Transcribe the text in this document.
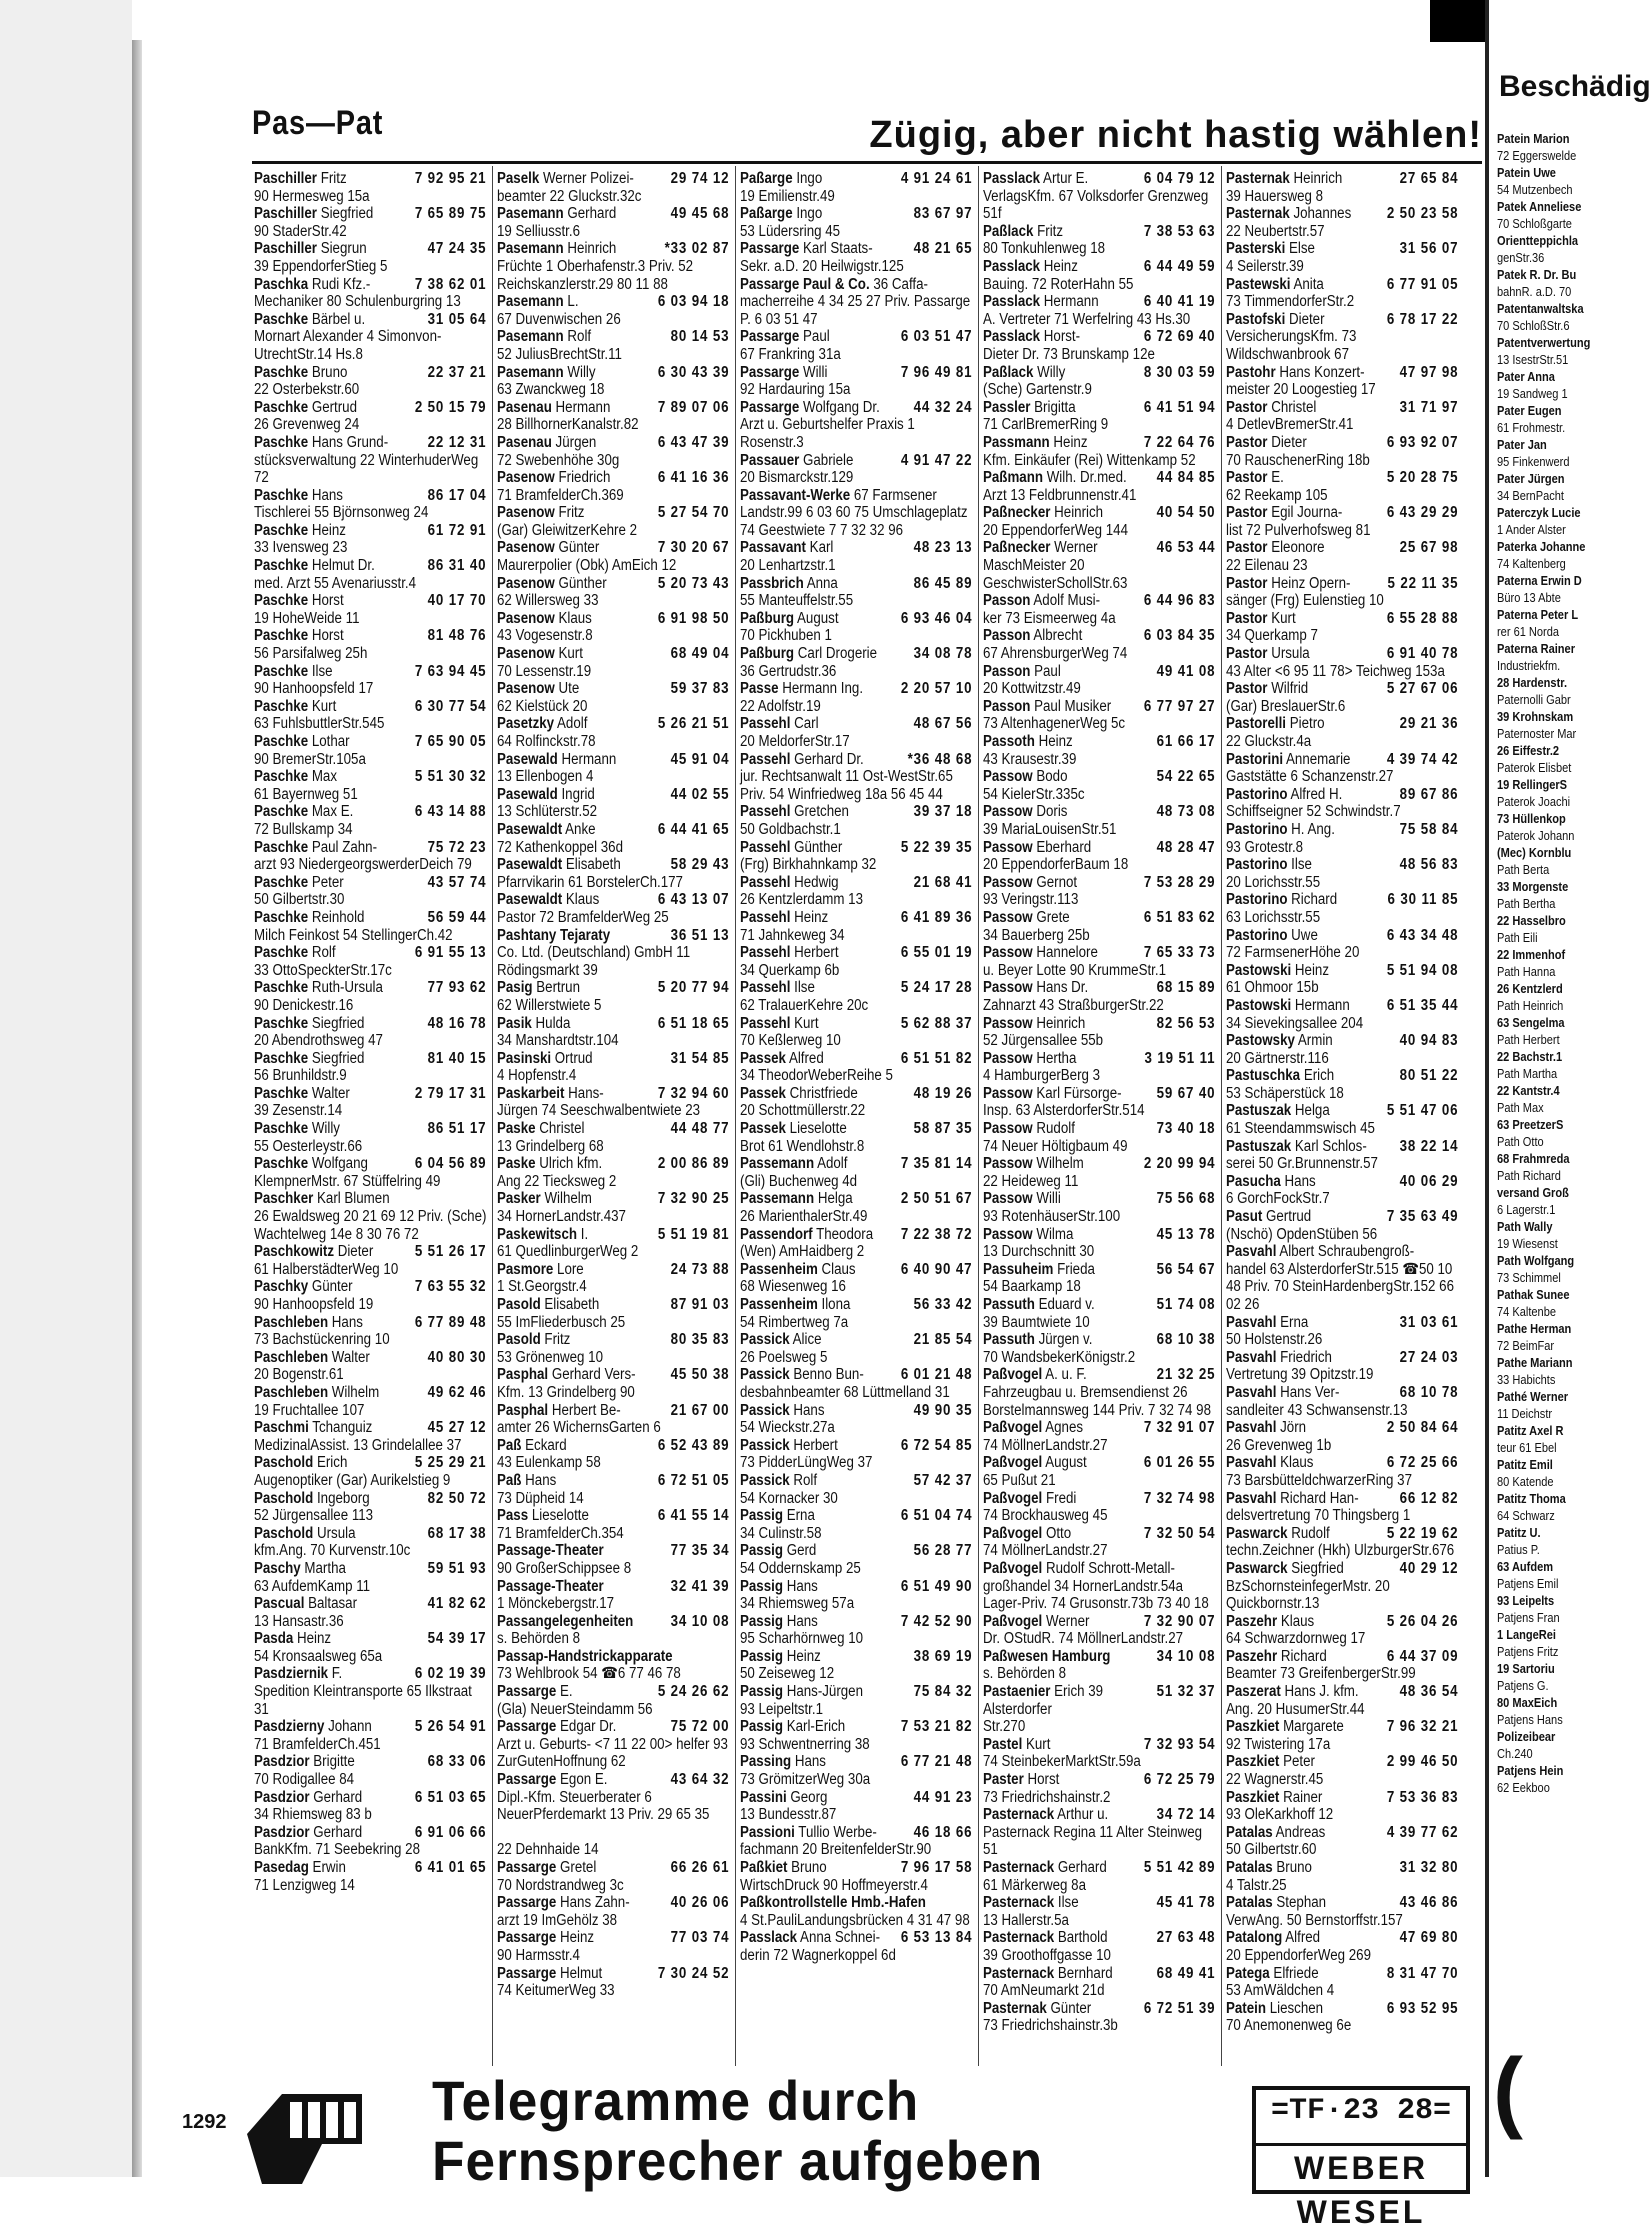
Pas—Pat	Zügig, aber nicht hastig wählen!
7 92 95 21
Paschiller Fritz
90 Hermesweg 15a
7 65 89 75
Paschiller Siegfried
90 StaderStr.42
47 24 35
Paschiller Siegrun
39 EppendorferStieg 5
7 38 62 01
Paschka Rudi Kfz.-
Mechaniker 80 Schulenburgring 13
31 05 64
Paschke Bärbel u.
Mornart Alexander 4 Simonvon-UtrechtStr.14 Hs.8
22 37 21
Paschke Bruno
22 Osterbekstr.60
2 50 15 79
Paschke Gertrud
26 Grevenweg 24
22 12 31
Paschke Hans Grund-
stücksverwaltung 22 WinterhuderWeg 72
86 17 04
Paschke Hans
Tischlerei 55 Björnsonweg 24
61 72 91
Paschke Heinz
33 Ivensweg 23
86 31 40
Paschke Helmut Dr.
med. Arzt 55 Avenariusstr.4
40 17 70
Paschke Horst
19 HoheWeide 11
81 48 76
Paschke Horst
56 Parsifalweg 25h
7 63 94 45
Paschke Ilse
90 Hanhoopsfeld 17
6 30 77 54
Paschke Kurt
63 FuhlsbuttlerStr.545
7 65 90 05
Paschke Lothar
90 BremerStr.105a
5 51 30 32
Paschke Max
61 Bayernweg 51
6 43 14 88
Paschke Max E.
72 Bullskamp 34
75 72 23
Paschke Paul Zahn-
arzt 93 NiedergeorgswerderDeich 79
43 57 74
Paschke Peter
50 Gilbertstr.30
56 59 44
Paschke Reinhold
Milch Feinkost 54 StellingerCh.42
6 91 55 13
Paschke Rolf
33 OttoSpeckterStr.17c
77 93 62
Paschke Ruth-Ursula
90 Denickestr.16
48 16 78
Paschke Siegfried
20 Abendrothsweg 47
81 40 15
Paschke Siegfried
56 Brunhildstr.9
2 79 17 31
Paschke Walter
39 Zesenstr.14
86 51 17
Paschke Willy
55 Oesterleystr.66
6 04 56 89
Paschke Wolfgang
KlempnerMstr. 67 Stüffelring 49
Paschker Karl Blumen
26 Ewaldsweg 20 21 69 12 Priv. (Sche) Wachtelweg 14e 8 30 76 72
5 51 26 17
Paschkowitz Dieter
61 HalberstädterWeg 10
7 63 55 32
Paschky Günter
90 Hanhoopsfeld 19
6 77 89 48
Paschleben Hans
73 Bachstückenring 10
40 80 30
Paschleben Walter
20 Bogenstr.61
49 62 46
Paschleben Wilhelm
19 Fruchtallee 107
45 27 12
Paschmi Tchanguiz
MedizinalAssist. 13 Grindelallee 37
5 25 29 21
Paschold Erich
Augenoptiker (Gar) Aurikelstieg 9
82 50 72
Paschold Ingeborg
52 Jürgensallee 113
68 17 38
Paschold Ursula
kfm.Ang. 70 Kurvenstr.10c
59 51 93
Paschy Martha
63 AufdemKamp 11
41 82 62
Pascual Baltasar
13 Hansastr.36
54 39 17
Pasda Heinz
54 Kronsaalsweg 65a
6 02 19 39
Pasdziernik F.
Spedition Kleintransporte 65 Ilkstraat 31
5 26 54 91
Pasdzierny Johann
71 BramfelderCh.451
68 33 06
Pasdzior Brigitte
70 Rodigallee 84
6 51 03 65
Pasdzior Gerhard
34 Rhiemsweg 83 b
6 91 06 66
Pasdzior Gerhard
BankKfm. 71 Seebekring 28
6 41 01 65
Pasedag Erwin
71 Lenzigweg 14
29 74 12
Paselk Werner Polizei-
beamter 22 Gluckstr.32c
49 45 68
Pasemann Gerhard
19 Selliusstr.6
*33 02 87
Pasemann Heinrich
Früchte 1 Oberhafenstr.3 Priv. 52 Reichskanzlerstr.29 80 11 88
6 03 94 18
Pasemann L.
67 Duvenwischen 26
80 14 53
Pasemann Rolf
52 JuliusBrechtStr.11
6 30 43 39
Pasemann Willy
63 Zwanckweg 18
7 89 07 06
Pasenau Hermann
28 BillhornerKanalstr.82
6 43 47 39
Pasenau Jürgen
72 Swebenhöhe 30g
6 41 16 36
Pasenow Friedrich
71 BramfelderCh.369
5 27 54 70
Pasenow Fritz
(Gar) GleiwitzerKehre 2
7 30 20 67
Pasenow Günter
Maurerpolier (Obk) AmEich 12
5 20 73 43
Pasenow Günther
62 Willersweg 33
6 91 98 50
Pasenow Klaus
43 Vogesenstr.8
68 49 04
Pasenow Kurt
70 Lessenstr.19
59 37 83
Pasenow Ute
62 Kielstück 20
5 26 21 51
Pasetzky Adolf
64 Rolfinckstr.78
45 91 04
Pasewald Hermann
13 Ellenbogen 4
44 02 55
Pasewald Ingrid
13 Schlüterstr.52
6 44 41 65
Pasewaldt Anke
72 Kathenkoppel 36d
58 29 43
Pasewaldt Elisabeth
Pfarrvikarin 61 BorstelerCh.177
6 43 13 07
Pasewaldt Klaus
Pastor 72 BramfelderWeg 25
36 51 13
Pashtany Tejaraty
Co. Ltd. (Deutschland) GmbH 11 Rödingsmarkt 39
5 20 77 94
Pasig Bertrun
62 Willerstwiete 5
6 51 18 65
Pasik Hulda
34 Manshardtstr.104
31 54 85
Pasinski Ortrud
4 Hopfenstr.4
7 32 94 60
Paskarbeit Hans-
Jürgen 74 Seeschwalbentwiete 23
44 48 77
Paske Christel
13 Grindelberg 68
2 00 86 89
Paske Ulrich kfm.
Ang 22 Tiecksweg 2
7 32 90 25
Pasker Wilhelm
34 HornerLandstr.437
5 51 19 81
Paskewitsch I.
61 QuedlinburgerWeg 2
24 73 88
Pasmore Lore
1 St.Georgstr.4
87 91 03
Pasold Elisabeth
55 ImFliederbusch 25
80 35 83
Pasold Fritz
53 Grönenweg 10
45 50 38
Pasphal Gerhard Vers-
Kfm. 13 Grindelberg 90
21 67 00
Pasphal Herbert Be-
amter 26 WichernsGarten 6
6 52 43 89
Paß Eckard
43 Eulenkamp 58
6 72 51 05
Paß Hans
73 Düpheid 14
6 41 55 14
Pass Lieselotte
71 BramfelderCh.354
77 35 34
Passage-Theater
90 GroßerSchippsee 8
32 41 39
Passage-Theater
1 Mönckebergstr.17
34 10 08
Passangelegenheiten
s. Behörden 8
Passap-Handstrickapparate
73 Wehlbrook 54 ☎6 77 46 78
5 24 26 62
Passarge E.
(Gla) NeuerSteindamm 56
75 72 00
Passarge Edgar Dr.
Arzt u. Geburts- <7 11 22 00> helfer 93 ZurGutenHoffnung 62
43 64 32
Passarge Egon E.
Dipl.-Kfm. Steuerberater 6 NeuerPferdemarkt 13 Priv. 29 65 35

22 Dehnhaide 14
66 26 61
Passarge Gretel
70 Nordstrandweg 3c
40 26 06
Passarge Hans Zahn-
arzt 19 ImGehölz 38
77 03 74
Passarge Heinz
90 Harmsstr.4
7 30 24 52
Passarge Helmut
74 KeitumerWeg 33
4 91 24 61
Paßarge Ingo
19 Emilienstr.49
83 67 97
Paßarge Ingo
53 Lüdersring 45
48 21 65
Passarge Karl Staats-
Sekr. a.D. 20 Heilwigstr.125
Passarge Paul & Co. 36 Caffa-
macherreihe 4 34 25 27 Priv. Passarge P. 6 03 51 47
6 03 51 47
Passarge Paul
67 Frankring 31a
7 96 49 81
Passarge Willi
92 Hardauring 15a
44 32 24
Passarge Wolfgang Dr.
Arzt u. Geburtshelfer Praxis 1 Rosenstr.3
4 91 47 22
Passauer Gabriele
20 Bismarckstr.129
Passavant-Werke 67 Farmsener
Landstr.99 6 03 60 75 Umschlageplatz 74 Geestwiete 7 7 32 32 96
48 23 13
Passavant Karl
20 Lenhartzstr.1
86 45 89
Passbrich Anna
55 Manteuffelstr.55
6 93 46 04
Paßburg August
70 Pickhuben 1
34 08 78
Paßburg Carl Drogerie
36 Gertrudstr.36
2 20 57 10
Passe Hermann Ing.
22 Adolfstr.19
48 67 56
Passehl Carl
20 MeldorferStr.17
*36 48 68
Passehl Gerhard Dr.
jur. Rechtsanwalt 11 Ost-WestStr.65 Priv. 54 Winfriedweg 18a 56 45 44
39 37 18
Passehl Gretchen
50 Goldbachstr.1
5 22 39 35
Passehl Günther
(Frg) Birkhahnkamp 32
21 68 41
Passehl Hedwig
26 Kentzlerdamm 13
6 41 89 36
Passehl Heinz
71 Jahnkeweg 34
6 55 01 19
Passehl Herbert
34 Querkamp 6b
5 24 17 28
Passehl Ilse
62 TralauerKehre 20c
5 62 88 37
Passehl Kurt
70 Keßlerweg 10
6 51 51 82
Passek Alfred
34 TheodorWeberReihe 5
48 19 26
Passek Christfriede
20 Schottmüllerstr.22
58 87 35
Passek Lieselotte
Brot 61 Wendlohstr.8
7 35 81 14
Passemann Adolf
(Gli) Buchenweg 4d
2 50 51 67
Passemann Helga
26 MarienthalerStr.49
7 22 38 72
Passendorf Theodora
(Wen) AmHaidberg 2
6 40 90 47
Passenheim Claus
68 Wiesenweg 16
56 33 42
Passenheim Ilona
54 Rimbertweg 7a
21 85 54
Passick Alice
26 Poelsweg 5
6 01 21 48
Passick Benno Bun-
desbahnbeamter 68 Lüttmelland 31
49 90 35
Passick Hans
54 Wieckstr.27a
6 72 54 85
Passick Herbert
73 PidderLüngWeg 37
57 42 37
Passick Rolf
54 Kornacker 30
6 51 04 74
Passig Erna
34 Culinstr.58
56 28 77
Passig Gerd
54 Oddernskamp 25
6 51 49 90
Passig Hans
34 Rhiemsweg 57a
7 42 52 90
Passig Hans
95 Scharhörnweg 10
38 69 19
Passig Heinz
50 Zeiseweg 12
75 84 32
Passig Hans-Jürgen
93 Leipeltstr.1
7 53 21 82
Passig Karl-Erich
93 Schwentnerring 38
6 77 21 48
Passing Hans
73 GrömitzerWeg 30a
44 91 23
Passini Georg
13 Bundesstr.87
46 18 66
Passioni Tullio Werbe-
fachmann 20 BreitenfelderStr.90
7 96 17 58
Paßkiet Bruno
WirtschDruck 90 Hoffmeyerstr.4
Paßkontrollstelle Hmb.-Hafen
4 St.PauliLandungsbrücken 4 31 47 98
6 53 13 84
Passlack Anna Schnei-
derin 72 Wagnerkoppel 6d
6 04 79 12
Passlack Artur E.
VerlagsKfm. 67 Volksdorfer Grenzweg 51f
7 38 53 63
Paßlack Fritz
80 Tonkuhlenweg 18
6 44 49 59
Passlack Heinz
Bauing. 72 RoterHahn 55
6 40 41 19
Passlack Hermann
A. Vertreter 71 Werfelring 43 Hs.30
6 72 69 40
Passlack Horst-
Dieter Dr. 73 Brunskamp 12e
8 30 03 59
Paßlack Willy
(Sche) Gartenstr.9
6 41 51 94
Passler Brigitta
71 CarlBremerRing 9
7 22 64 76
Passmann Heinz
Kfm. Einkäufer (Rei) Wittenkamp 52
44 84 85
Paßmann Wilh. Dr.med.
Arzt 13 Feldbrunnenstr.41
40 54 50
Paßnecker Heinrich
20 EppendorferWeg 144
46 53 44
Paßnecker Werner
MaschMeister 20 GeschwisterSchollStr.63
6 44 96 83
Passon Adolf Musi-
ker 73 Eismeerweg 4a
6 03 84 35
Passon Albrecht
67 AhrensburgerWeg 74
49 41 08
Passon Paul
20 Kottwitzstr.49
6 77 97 27
Passon Paul Musiker
73 AltenhagenerWeg 5c
61 66 17
Passoth Heinz
43 Krausestr.39
54 22 65
Passow Bodo
54 KielerStr.335c
48 73 08
Passow Doris
39 MariaLouisenStr.51
48 28 47
Passow Eberhard
20 EppendorferBaum 18
7 53 28 29
Passow Gernot
93 Veringstr.113
6 51 83 62
Passow Grete
34 Bauerberg 25b
7 65 33 73
Passow Hannelore
u. Beyer Lotte 90 KrummeStr.1
68 15 89
Passow Hans Dr.
Zahnarzt 43 StraßburgerStr.22
82 56 53
Passow Heinrich
52 Jürgensallee 55b
3 19 51 11
Passow Hertha
4 HamburgerBerg 3
59 67 40
Passow Karl Fürsorge-
Insp. 63 AlsterdorferStr.514
73 40 18
Passow Rudolf
74 Neuer Höltigbaum 49
2 20 99 94
Passow Wilhelm
22 Heideweg 11
75 56 68
Passow Willi
93 RotenhäuserStr.100
45 13 78
Passow Wilma
13 Durchschnitt 30
56 54 67
Passuheim Frieda
54 Baarkamp 18
51 74 08
Passuth Eduard v.
39 Baumtwiete 10
68 10 38
Passuth Jürgen v.
70 WandsbekerKönigstr.2
21 32 25
Paßvogel A. u. F.
Fahrzeugbau u. Bremsendienst 26 Borstelmannsweg 144 Priv. 7 32 74 98
7 32 91 07
Paßvogel Agnes
74 MöllnerLandstr.27
6 01 26 55
Paßvogel August
65 Pußut 21
7 32 74 98
Paßvogel Fredi
74 Brockhausweg 45
7 32 50 54
Paßvogel Otto
74 MöllnerLandstr.27
Paßvogel Rudolf Schrott-Metall-
großhandel 34 HornerLandstr.54a Lager-Priv. 74 Grusonstr.73b 73 40 18
7 32 90 07
Paßvogel Werner
Dr. OStudR. 74 MöllnerLandstr.27
34 10 08
Paßwesen Hamburg
s. Behörden 8
51 32 37
Pastaenier Erich 39 Alsterdorfer
Str.270
7 32 93 54
Pastel Kurt
74 SteinbekerMarktStr.59a
6 72 25 79
Paster Horst
73 Friedrichshainstr.2
34 72 14
Pasternack Arthur u.
Pasternack Regina 11 Alter Steinweg 51
5 51 42 89
Pasternack Gerhard
61 Märkerweg 8a
45 41 78
Pasternack Ilse
13 Hallerstr.5a
27 63 48
Pasternack Barthold
39 Groothoffgasse 10
68 49 41
Pasternack Bernhard
70 AmNeumarkt 21d
6 72 51 39
Pasternak Günter
73 Friedrichshainstr.3b
27 65 84
Pasternak Heinrich
39 Hauersweg 8
2 50 23 58
Pasternak Johannes
22 Neubertstr.57
31 56 07
Pasterski Else
4 Seilerstr.39
6 77 91 05
Pastewski Anita
73 TimmendorferStr.2
6 78 17 22
Pastofski Dieter
VersicherungsKfm. 73 Wildschwanbrook 67
47 97 98
Pastohr Hans Konzert-
meister 20 Loogestieg 17
31 71 97
Pastor Christel
4 DetlevBremerStr.41
6 93 92 07
Pastor Dieter
70 RauschenerRing 18b
5 20 28 75
Pastor E.
62 Reekamp 105
6 43 29 29
Pastor Egil Journa-
list 72 Pulverhofsweg 81
25 67 98
Pastor Eleonore
22 Eilenau 23
5 22 11 35
Pastor Heinz Opern-
sänger (Frg) Eulenstieg 10
6 55 28 88
Pastor Kurt
34 Querkamp 7
6 91 40 78
Pastor Ursula
43 Alter <6 95 11 78> Teichweg 153a
5 27 67 06
Pastor Wilfrid
(Gar) BreslauerStr.6
29 21 36
Pastorelli Pietro
22 Gluckstr.4a
4 39 74 42
Pastorini Annemarie
Gaststätte 6 Schanzenstr.27
89 67 86
Pastorino Alfred H.
Schiffseigner 52 Schwindstr.7
75 58 84
Pastorino H. Ang.
93 Grotestr.8
48 56 83
Pastorino Ilse
20 Lorichsstr.55
6 30 11 85
Pastorino Richard
63 Lorichsstr.55
6 43 34 48
Pastorino Uwe
72 FarmsenerHöhe 20
5 51 94 08
Pastowski Heinz
61 Ohmoor 15b
6 51 35 44
Pastowski Hermann
34 Sievekingsallee 204
40 94 83
Pastowsky Armin
20 Gärtnerstr.116
80 51 22
Pastuschka Erich
53 Schäperstück 18
5 51 47 06
Pastuszak Helga
61 Steendammswisch 45
38 22 14
Pastuszak Karl Schlos-
serei 50 Gr.Brunnenstr.57
40 06 29
Pasucha Hans
6 GorchFockStr.7
7 35 63 49
Pasut Gertrud
(Nschö) OpdenStüben 56
Pasvahl Albert Schraubengroß-
handel 63 AlsterdorferStr.515 ☎50 10 48 Priv. 70 SteinHardenbergStr.152 66 02 26
31 03 61
Pasvahl Erna
50 Holstenstr.26
27 24 03
Pasvahl Friedrich
Vertretung 39 Opitzstr.19
68 10 78
Pasvahl Hans Ver-
sandleiter 43 Schwansenstr.13
2 50 84 64
Pasvahl Jörn
26 Grevenweg 1b
6 72 25 66
Pasvahl Klaus
73 BarsbütteldchwarzerRing 37
66 12 82
Pasvahl Richard Han-
delsvertretung 70 Thingsberg 1
5 22 19 62
Paswarck Rudolf
techn.Zeichner (Hkh) UlzburgerStr.676
40 29 12
Paswarck Siegfried
BzSchornsteinfegerMstr. 20 Quickbornstr.13
5 26 04 26
Paszehr Klaus
64 Schwarzdornweg 17
6 44 37 09
Paszehr Richard
Beamter 73 GreifenbergerStr.99
48 36 54
Paszerat Hans J. kfm.
Ang. 20 HusumerStr.44
7 96 32 21
Paszkiet Margarete
92 Twistering 17a
2 99 46 50
Paszkiet Peter
22 Wagnerstr.45
7 53 36 83
Paszkiet Rainer
93 OleKarkhoff 12
4 39 77 62
Patalas Andreas
50 Gilbertstr.60
31 32 80
Patalas Bruno
4 Talstr.25
43 46 86
Patalas Stephan
VerwAng. 50 Bernstorffstr.157
47 69 80
Patalong Alfred
20 EppendorferWeg 269
8 31 47 70
Patega Elfriede
53 AmWäldchen 4
6 93 52 95
Patein Lieschen
70 Anemonenweg 6e
1292	Telegramme durch
Fernsprecher aufgeben
=TF·23 28=
WEBER WESEL
Beschädig
Patein Marion
72 Eggerswelde
Patein Uwe
54 Mutzenbech
Patek Anneliese
70 Schloßgarte
Orientteppichla
genStr.36
Patek R. Dr. Bu
bahnR. a.D. 70
Patentanwaltska
70 SchloßStr.6
Patentverwertung
13 IsestrStr.51
Pater Anna
19 Sandweg 1
Pater Eugen
61 Frohmestr.
Pater Jan
95 Finkenwerd
Pater Jürgen
34 BernPacht
Paterczyk Lucie
1 Ander Alster
Paterka Johanne
74 Kaltenberg
Paterna Erwin D
Büro 13 Abte
Paterna Peter L
rer 61 Norda
Paterna Rainer
Industriekfm.
28 Hardenstr.
Paternolli Gabr
39 Krohnskam
Paternoster Mar
26 Eiffestr.2
Paterok Elisbet
19 RellingerS
Paterok Joachi
73 Hüllenkop
Paterok Johann
(Mec) Kornblu
Path Berta
33 Morgenste
Path Bertha
22 Hasselbro
Path Eili
22 Immenhof
Path Hanna
26 Kentzlerd
Path Heinrich
63 Sengelma
Path Herbert
22 Bachstr.1
Path Martha
22 Kantstr.4
Path Max
63 PreetzerS
Path Otto
68 Frahmreda
Path Richard
versand Groß
6 Lagerstr.1
Path Wally
19 Wiesenst
Path Wolfgang
73 Schimmel
Pathak Sunee
74 Kaltenbe
Pathe Herman
72 BeimFar
Pathe Mariann
33 Habichts
Pathé Werner
11 Deichstr
Patitz Axel R
teur 61 Ebel
Patitz Emil
80 Katende
Patitz Thoma
64 Schwarz
Patitz U.
Patius P.
63 Aufdem
Patjens Emil
93 Leipelts
Patjens Fran
1 LangeRei
Patjens Fritz
19 Sartoriu
Patjens G.
80 MaxEich
Patjens Hans
Polizeibear
Ch.240
Patjens Hein
62 Eekboo
(
